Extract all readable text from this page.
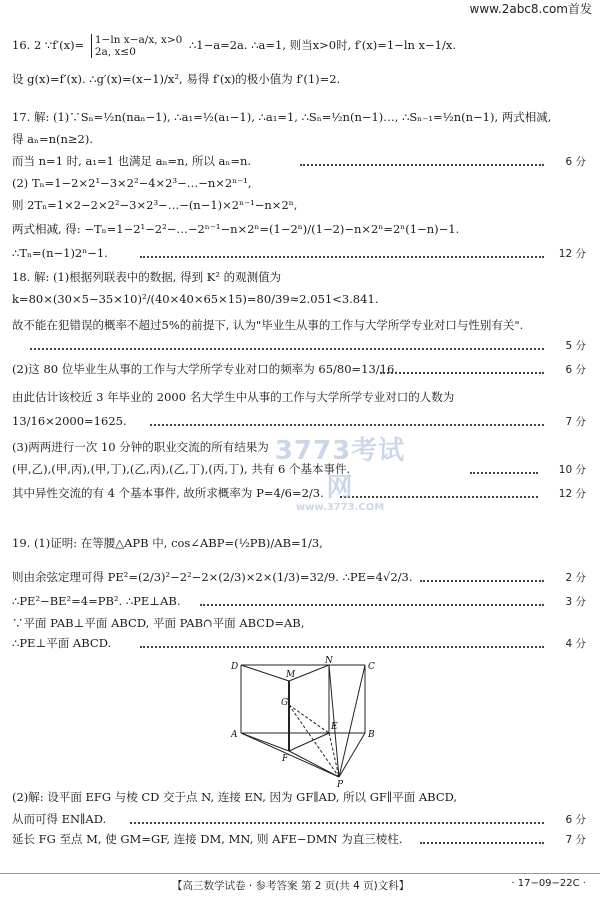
www.2abc8.com首发
16. 2 ∵f′(x)= 1−ln x−a/x, x>0
2a, x≤0	∴1−a=2a. ∴a=1, 则当x>0时, f′(x)=1−ln x−1/x.
设 g(x)=f′(x). ∴g′(x)=(x−1)/x², 易得 f′(x)的极小值为 f′(1)=2.
17. 解: (1)∵Sₙ=½n(naₙ−1), ∴a₁=½(a₁−1), ∴a₁=1, ∴Sₙ=½n(n−1)…, ∴Sₙ₋₁=½n(n−1), 两式相减,
得 aₙ=n(n≥2).
而当 n=1 时, a₁=1 也满足 aₙ=n, 所以 aₙ=n.	6 分
(2) Tₙ=1−2×2¹−3×2²−4×2³−…−n×2ⁿ⁻¹,
则 2Tₙ=1×2−2×2²−3×2³−…−(n−1)×2ⁿ⁻¹−n×2ⁿ,
两式相减, 得: −Tₙ=1−2¹−2²−…−2ⁿ⁻¹−n×2ⁿ=(1−2ⁿ)/(1−2)−n×2ⁿ=2ⁿ(1−n)−1.
∴Tₙ=(n−1)2ⁿ−1.	12 分
18. 解: (1)根据列联表中的数据, 得到 K² 的观测值为
k=80×(30×5−35×10)²/(40×40×65×15)=80/39≈2.051<3.841.
故不能在犯错误的概率不超过5%的前提下, 认为"毕业生从事的工作与大学所学专业对口与性别有关".
5 分
(2)这 80 位毕业生从事的工作与大学所学专业对口的频率为 65/80=13/16.	6 分
由此估计该校近 3 年毕业的 2000 名大学生中从事的工作与大学所学专业对口的人数为
13/16×2000=1625.	7 分
(3)两两进行一次 10 分钟的职业交流的所有结果为
(甲,乙),(甲,丙),(甲,丁),(乙,丙),(乙,丁),(丙,丁), 共有 6 个基本事件.	10 分
其中异性交流的有 4 个基本事件, 故所求概率为 P=4/6=2/3.	12 分
3773考试网
www.3773.COM
19. (1)证明: 在等腰△APB 中, cos∠ABP=(½PB)/AB=1/3,
则由余弦定理可得 PE²=(2/3)²−2²−2×(2/3)×2×(1/3)=32/9. ∴PE=4√2/3.	2 分
∴PE²−BE²=4=PB². ∴PE⊥AB.	3 分
∵平面 PAB⊥平面 ABCD, 平面 PAB∩平面 ABCD=AB,
∴PE⊥平面 ABCD.	4 分
D
M
N
C
G
A
E
B
F
P
(2)解: 设平面 EFG 与棱 CD 交于点 N, 连接 EN, 因为 GF∥AD, 所以 GF∥平面 ABCD,
从而可得 EN∥AD.	6 分
延长 FG 至点 M, 使 GM=GF, 连接 DM, MN, 则 AFE−DMN 为直三棱柱.	7 分
【高三数学试卷 · 参考答案 第 2 页(共 4 页)文科】	· 17−09−22C ·
